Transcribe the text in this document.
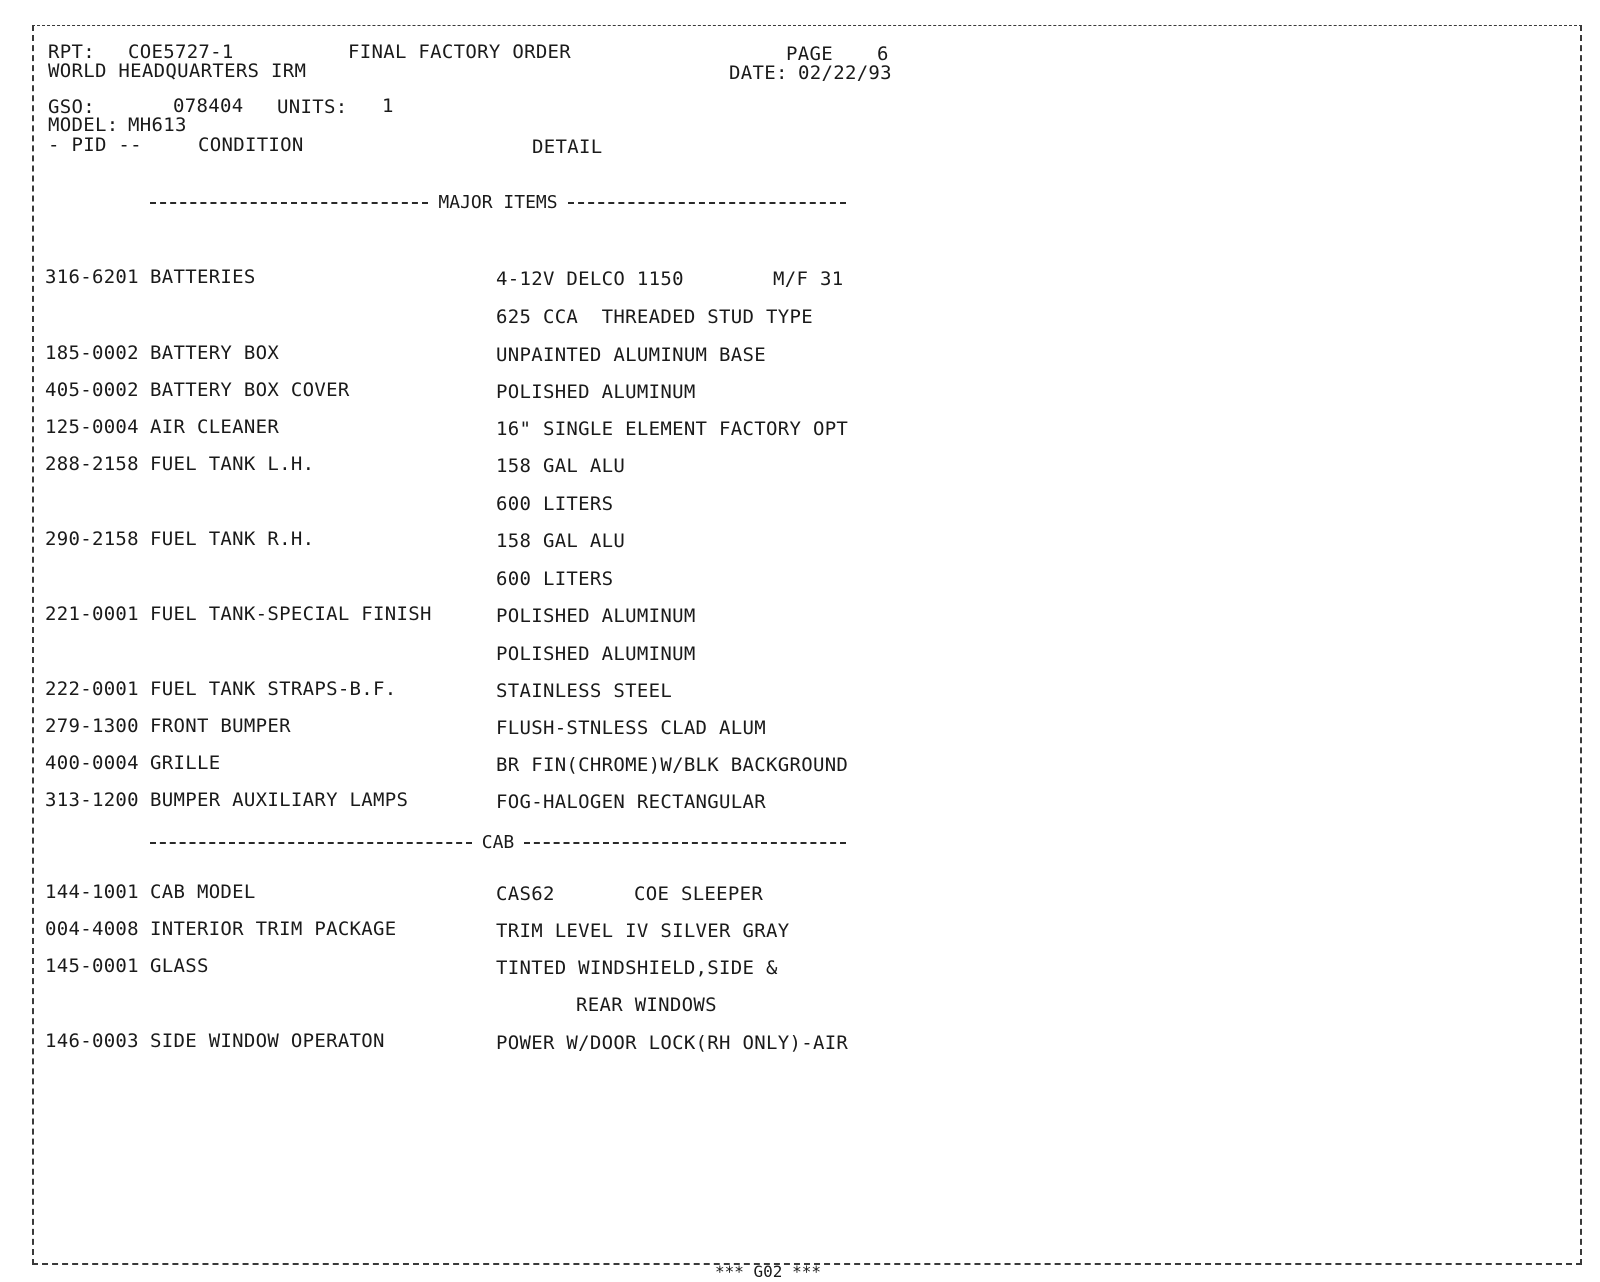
RPT: COE5727-1	FINAL FACTORY ORDER	PAGE 6
WORLD HEADQUARTERS IRM	DATE: 02/22/93
GSO:	078404 UNITS: 1
MODEL: MH613
- PID --	CONDITION	DETAIL
MAJOR ITEMS
316-6201 BATTERIES	4-12V DELCO 1150	M/F 31
625 CCA  THREADED STUD TYPE
185-0002 BATTERY BOX	UNPAINTED ALUMINUM BASE
405-0002 BATTERY BOX COVER	POLISHED ALUMINUM
125-0004 AIR CLEANER	16" SINGLE ELEMENT FACTORY OPT
288-2158 FUEL TANK L.H.	158 GAL ALU
600 LITERS
290-2158 FUEL TANK R.H.	158 GAL ALU
600 LITERS
221-0001 FUEL TANK-SPECIAL FINISH	POLISHED ALUMINUM
POLISHED ALUMINUM
222-0001 FUEL TANK STRAPS-B.F.	STAINLESS STEEL
279-1300 FRONT BUMPER	FLUSH-STNLESS CLAD ALUM
400-0004 GRILLE	BR FIN(CHROME)W/BLK BACKGROUND
313-1200 BUMPER AUXILIARY LAMPS	FOG-HALOGEN RECTANGULAR
CAB
144-1001 CAB MODEL	CAS62	COE SLEEPER
004-4008 INTERIOR TRIM PACKAGE	TRIM LEVEL IV SILVER GRAY
145-0001 GLASS	TINTED WINDSHIELD,SIDE &
REAR WINDOWS
146-0003 SIDE WINDOW OPERATON	POWER W/DOOR LOCK(RH ONLY)-AIR
*** G02 ***
